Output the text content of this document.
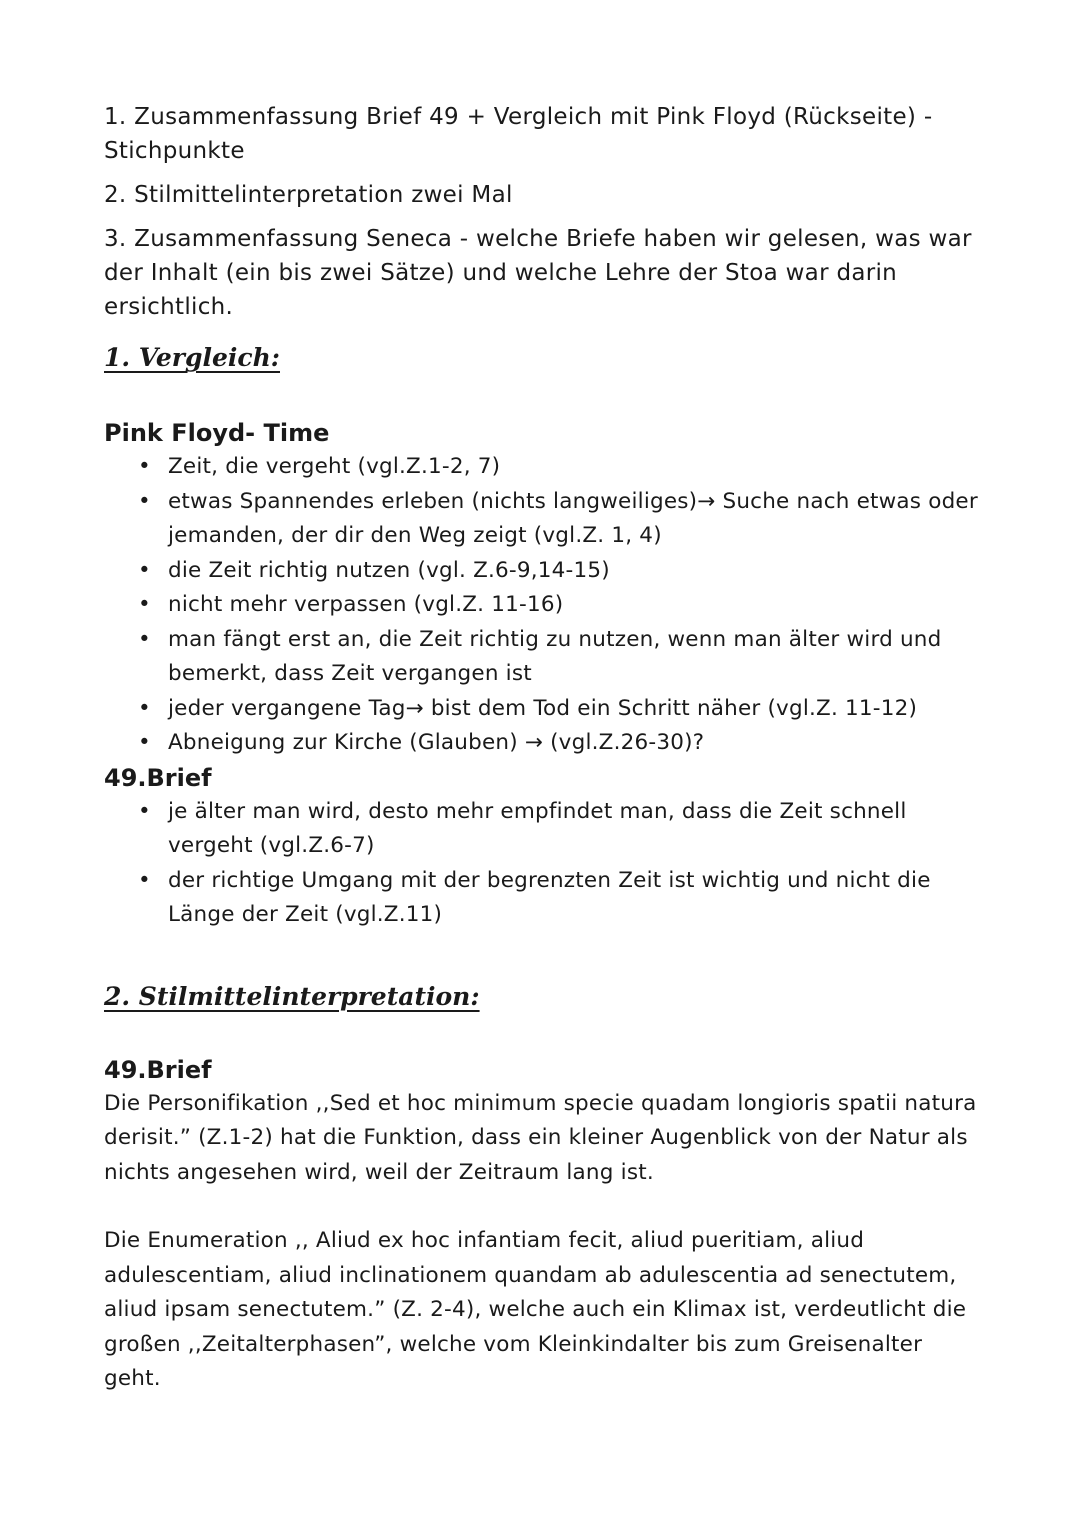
1. Zusammenfassung Brief 49 + Vergleich mit Pink Floyd (Rückseite) - Stichpunkte

2. Stilmittelinterpretation zwei Mal

3. Zusammenfassung Seneca - welche Briefe haben wir gelesen, was war der Inhalt (ein bis zwei Sätze) und welche Lehre der Stoa war darin ersichtlich.

1. Vergleich:
Pink Floyd- Time
• Zeit, die vergeht (vgl.Z.1-2, 7)
• etwas Spannendes erleben (nichts langweiliges)→ Suche nach etwas oder jemanden, der dir den Weg zeigt (vgl.Z. 1, 4)
• die Zeit richtig nutzen (vgl. Z.6-9,14-15)
• nicht mehr verpassen (vgl.Z. 11-16)
• man fängt erst an, die Zeit richtig zu nutzen, wenn man älter wird und bemerkt, dass Zeit vergangen ist
• jeder vergangene Tag→ bist dem Tod ein Schritt näher (vgl.Z. 11-12)
• Abneigung zur Kirche (Glauben) → (vgl.Z.26-30)?
49.Brief
• je älter man wird, desto mehr empfindet man, dass die Zeit schnell vergeht (vgl.Z.6-7)
• der richtige Umgang mit der begrenzten Zeit ist wichtig und nicht die Länge der Zeit (vgl.Z.11)
2. Stilmittelinterpretation:
49.Brief

Die Personifikation ,,Sed et hoc minimum specie quadam longioris spatii natura derisit.” (Z.1-2) hat die Funktion, dass ein kleiner Augenblick von der Natur als nichts angesehen wird, weil der Zeitraum lang ist.

Die Enumeration ,, Aliud ex hoc infantiam fecit, aliud pueritiam, aliud adulescentiam, aliud inclinationem quandam ab adulescentia ad senectutem, aliud ipsam senectutem.” (Z. 2-4), welche auch ein Klimax ist, verdeutlicht die großen ,,Zeitalterphasen”, welche vom Kleinkindalter bis zum Greisenalter geht.
